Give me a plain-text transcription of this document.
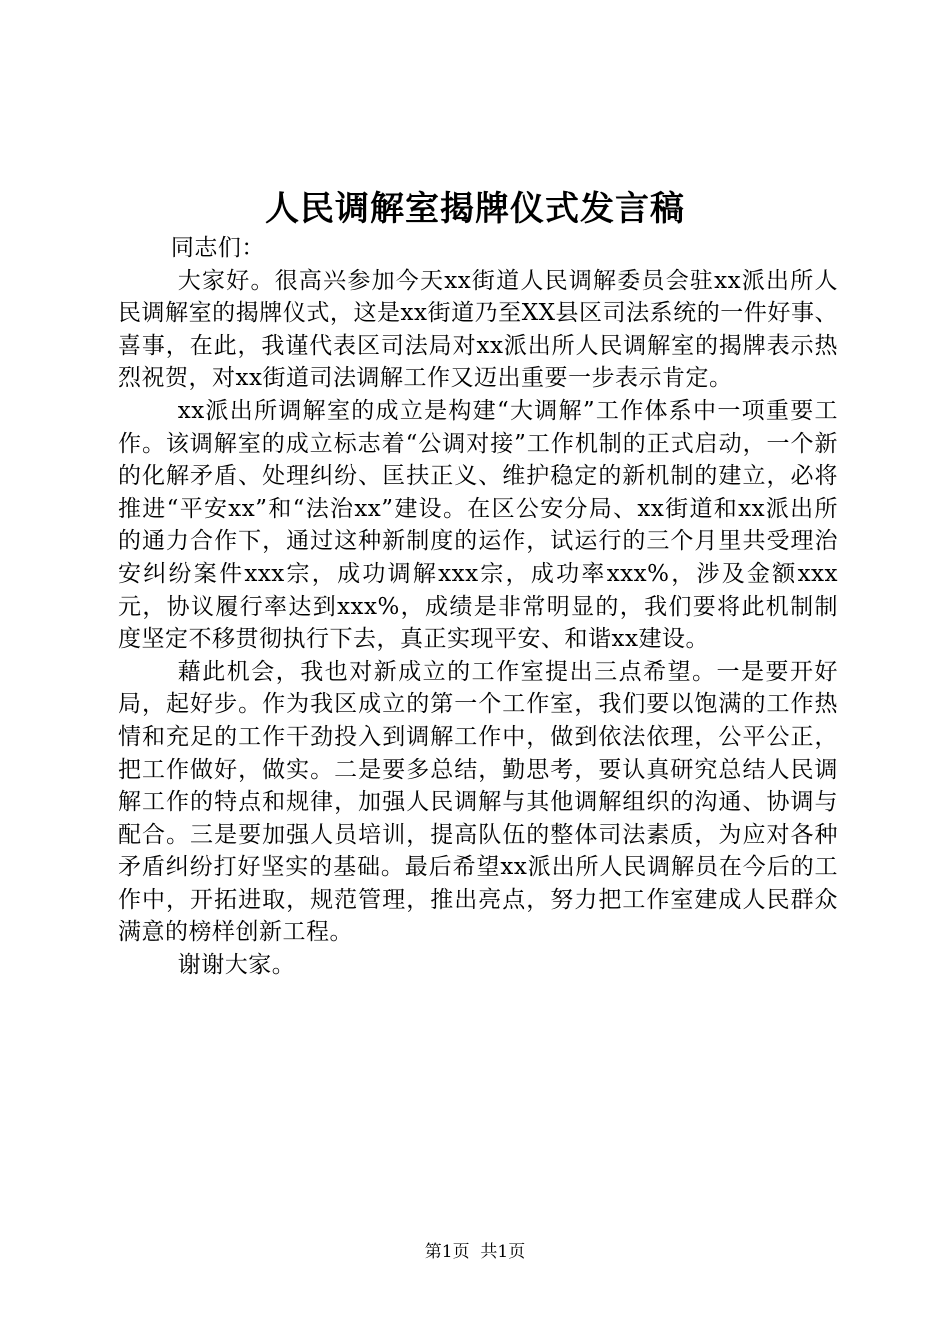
人民调解室揭牌仪式发言稿

同志们：

大家好。很高兴参加今天xx街道人民调解委员会驻xx派出所人民调解室的揭牌仪式，这是xx街道乃至XX县区司法系统的一件好事、喜事，在此，我谨代表区司法局对xx派出所人民调解室的揭牌表示热烈祝贺，对xx街道司法调解工作又迈出重要一步表示肯定。

xx派出所调解室的成立是构建“大调解”工作体系中一项重要工作。该调解室的成立标志着“公调对接”工作机制的正式启动，一个新的化解矛盾、处理纠纷、匡扶正义、维护稳定的新机制的建立，必将推进“平安xx”和“法治xx”建设。在区公安分局、xx街道和xx派出所的通力合作下，通过这种新制度的运作，试运行的三个月里共受理治安纠纷案件xxx宗，成功调解xxx宗，成功率xxx%，涉及金额xxx元，协议履行率达到xxx%，成绩是非常明显的，我们要将此机制制度坚定不移贯彻执行下去，真正实现平安、和谐xx建设。

藉此机会，我也对新成立的工作室提出三点希望。一是要开好局，起好步。作为我区成立的第一个工作室，我们要以饱满的工作热情和充足的工作干劲投入到调解工作中，做到依法依理，公平公正，把工作做好，做实。二是要多总结，勤思考，要认真研究总结人民调解工作的特点和规律，加强人民调解与其他调解组织的沟通、协调与配合。三是要加强人员培训，提高队伍的整体司法素质，为应对各种矛盾纠纷打好坚实的基础。最后希望xx派出所人民调解员在今后的工作中，开拓进取，规范管理，推出亮点，努力把工作室建成人民群众满意的榜样创新工程。

谢谢大家。

第1页  共1页
